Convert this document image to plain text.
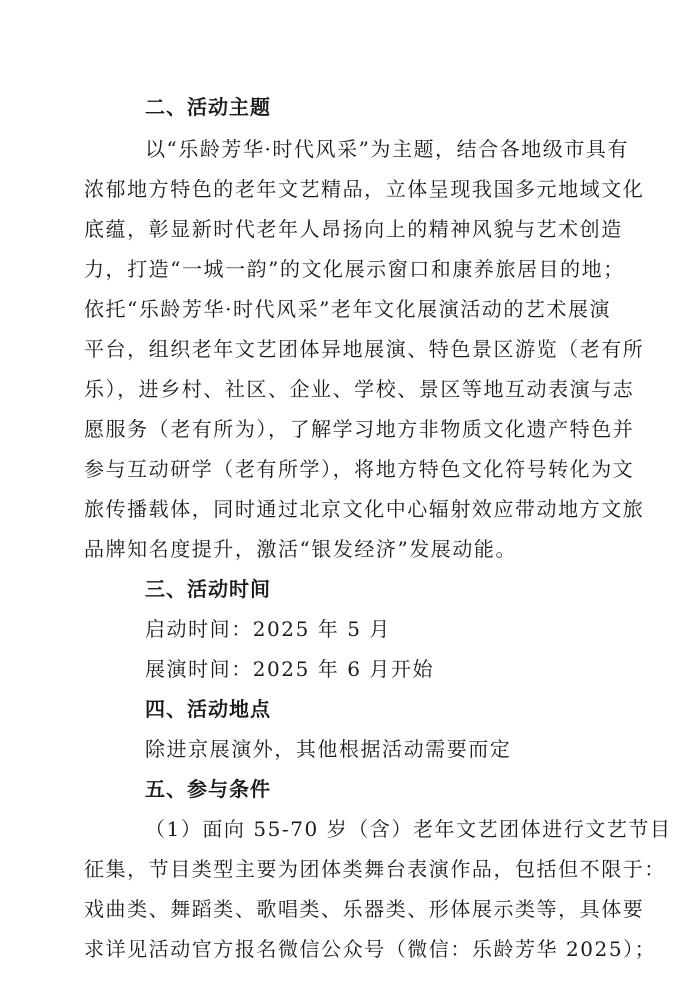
二、活动主题
以“乐龄芳华·时代风采”为主题，结合各地级市具有
浓郁地方特色的老年文艺精品，立体呈现我国多元地域文化
底蕴，彰显新时代老年人昂扬向上的精神风貌与艺术创造
力，打造“一城一韵”的文化展示窗口和康养旅居目的地；
依托“乐龄芳华·时代风采”老年文化展演活动的艺术展演
平台，组织老年文艺团体异地展演、特色景区游览（老有所
乐），进乡村、社区、企业、学校、景区等地互动表演与志
愿服务（老有所为），了解学习地方非物质文化遗产特色并
参与互动研学（老有所学），将地方特色文化符号转化为文
旅传播载体，同时通过北京文化中心辐射效应带动地方文旅
品牌知名度提升，激活“银发经济”发展动能。
三、活动时间
启动时间：2025 年 5 月
展演时间：2025 年 6 月开始
四、活动地点
除进京展演外，其他根据活动需要而定
五、参与条件
（1）面向 55-70 岁（含）老年文艺团体进行文艺节目
征集，节目类型主要为团体类舞台表演作品，包括但不限于：
戏曲类、舞蹈类、歌唱类、乐器类、形体展示类等，具体要
求详见活动官方报名微信公众号（微信：乐龄芳华 2025）；
